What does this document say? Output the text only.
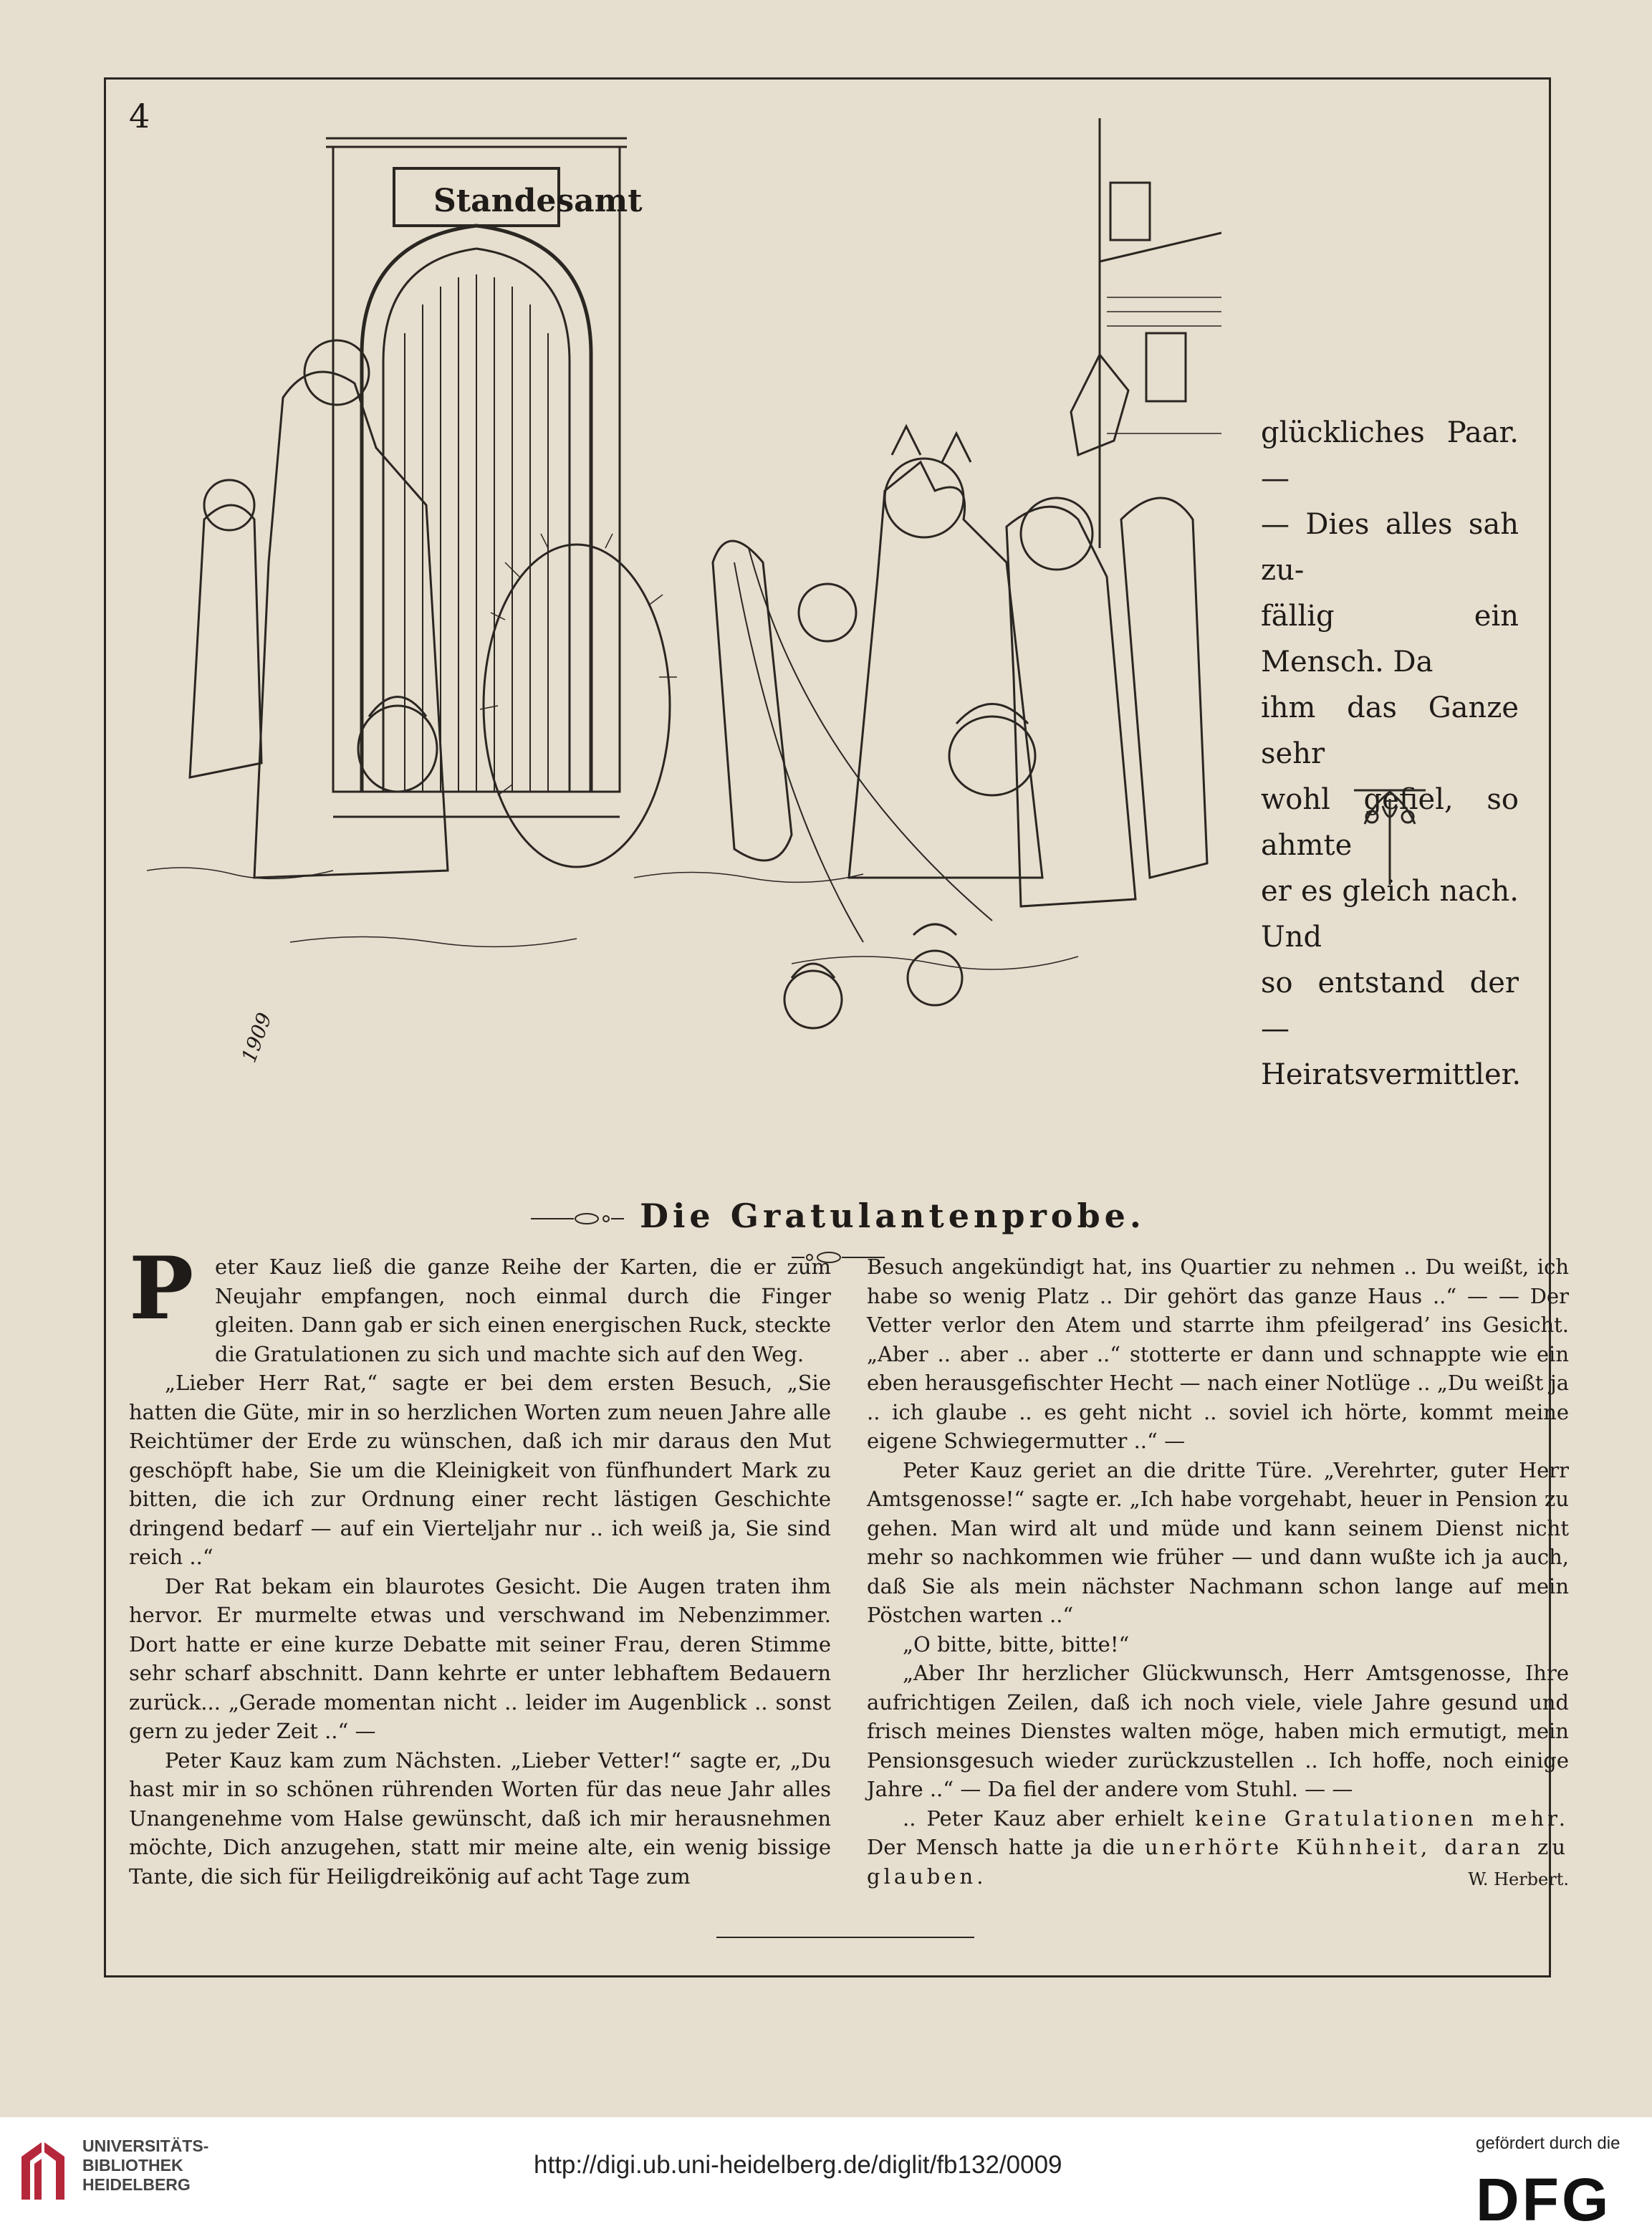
4
Standesamt
1909
glückliches Paar. —
— Dies alles sah zu-
fällig ein Mensch. Da
ihm das Ganze sehr
wohl gefiel, so ahmte
er es gleich nach. Und
so entstand der —
Heiratsvermittler.
Die Gratulantenprobe.

P eter Kauz ließ die ganze Reihe der Karten, die er zum Neujahr empfangen, noch einmal durch die Finger gleiten. Dann gab er sich einen energischen Ruck, steckte die Gratulationen zu sich und machte sich auf den Weg.

„Lieber Herr Rat,“ sagte er bei dem ersten Besuch, „Sie hatten die Güte, mir in so herzlichen Worten zum neuen Jahre alle Reichtümer der Erde zu wünschen, daß ich mir daraus den Mut geschöpft habe, Sie um die Kleinigkeit von fünfhundert Mark zu bitten, die ich zur Ordnung einer recht lästigen Geschichte dringend bedarf — auf ein Vierteljahr nur .. ich weiß ja, Sie sind reich ..“

Der Rat bekam ein blaurotes Gesicht. Die Augen traten ihm hervor. Er murmelte etwas und verschwand im Nebenzimmer. Dort hatte er eine kurze Debatte mit seiner Frau, deren Stimme sehr scharf abschnitt. Dann kehrte er unter lebhaftem Bedauern zurück... „Gerade momentan nicht .. leider im Augenblick .. sonst gern zu jeder Zeit ..“ —

Peter Kauz kam zum Nächsten. „Lieber Vetter!“ sagte er, „Du hast mir in so schönen rührenden Worten für das neue Jahr alles Unangenehme vom Halse gewünscht, daß ich mir herausnehmen möchte, Dich anzugehen, statt mir meine alte, ein wenig bissige Tante, die sich für Heiligdreikönig auf acht Tage zum

Besuch angekündigt hat, ins Quartier zu nehmen .. Du weißt, ich habe so wenig Platz .. Dir gehört das ganze Haus ..“ — — Der Vetter verlor den Atem und starrte ihm pfeilgerad’ ins Gesicht. „Aber .. aber .. aber ..“ stotterte er dann und schnappte wie ein eben herausgefischter Hecht — nach einer Notlüge .. „Du weißt ja .. ich glaube .. es geht nicht .. soviel ich hörte, kommt meine eigene Schwiegermutter ..“ —

Peter Kauz geriet an die dritte Türe. „Verehrter, guter Herr Amtsgenosse!“ sagte er. „Ich habe vorgehabt, heuer in Pension zu gehen. Man wird alt und müde und kann seinem Dienst nicht mehr so nachkommen wie früher — und dann wußte ich ja auch, daß Sie als mein nächster Nachmann schon lange auf mein Pöstchen warten ..“

„O bitte, bitte, bitte!“

„Aber Ihr herzlicher Glückwunsch, Herr Amtsgenosse, Ihre aufrichtigen Zeilen, daß ich noch viele, viele Jahre gesund und frisch meines Dienstes walten möge, haben mich ermutigt, mein Pensionsgesuch wieder zurückzustellen .. Ich hoffe, noch einige Jahre ..“ — Da fiel der andere vom Stuhl. — —

.. Peter Kauz aber erhielt keine Gratulationen mehr. Der Mensch hatte ja die unerhörte Kühnheit, daran zu glauben.	W. Herbert.

UNIVERSITÄTS-
BIBLIOTHEK
HEIDELBERG
http://digi.ub.uni-heidelberg.de/diglit/fb132/0009
gefördert durch die
DFG
